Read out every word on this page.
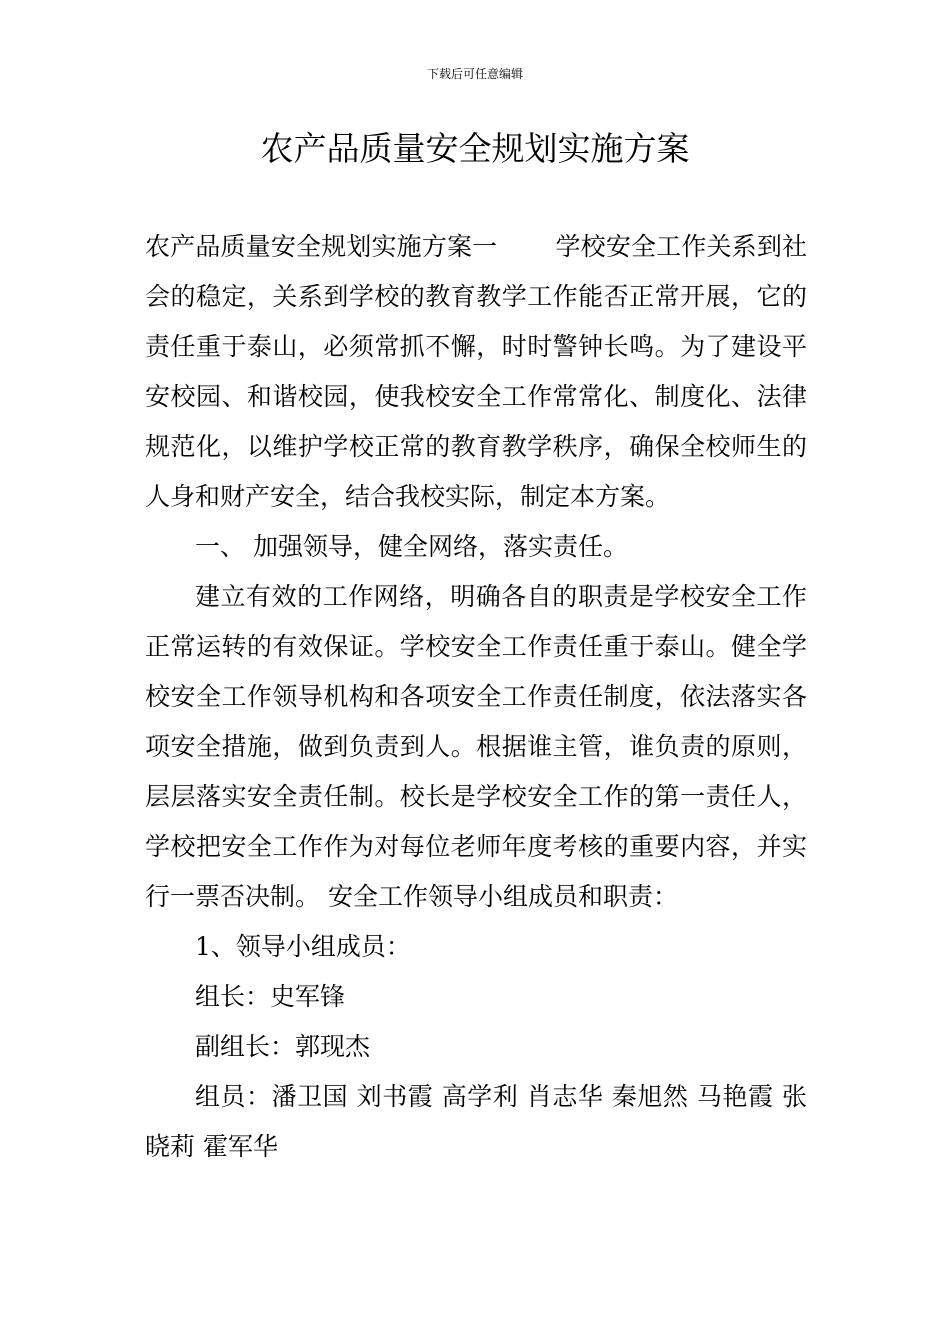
下载后可任意编辑
农产品质量安全规划实施方案

农产品质量安全规划实施方案一 学校安全工作关系到社会的稳定，关系到学校的教育教学工作能否正常开展，它的责任重于泰山，必须常抓不懈，时时警钟长鸣。为了建设平安校园、和谐校园，使我校安全工作常常化、制度化、法律规范化，以维护学校正常的教育教学秩序，确保全校师生的人身和财产安全，结合我校实际，制定本方案。

一、 加强领导，健全网络，落实责任。

建立有效的工作网络，明确各自的职责是学校安全工作正常运转的有效保证。学校安全工作责任重于泰山。健全学校安全工作领导机构和各项安全工作责任制度，依法落实各项安全措施，做到负责到人。根据谁主管，谁负责的原则，层层落实安全责任制。校长是学校安全工作的第一责任人，学校把安全工作作为对每位老师年度考核的重要内容，并实行一票否决制。 安全工作领导小组成员和职责：

1、领导小组成员：

组长：史军锋

副组长：郭现杰

组员：潘卫国 刘书霞 高学利 肖志华 秦旭然 马艳霞 张晓莉 霍军华
